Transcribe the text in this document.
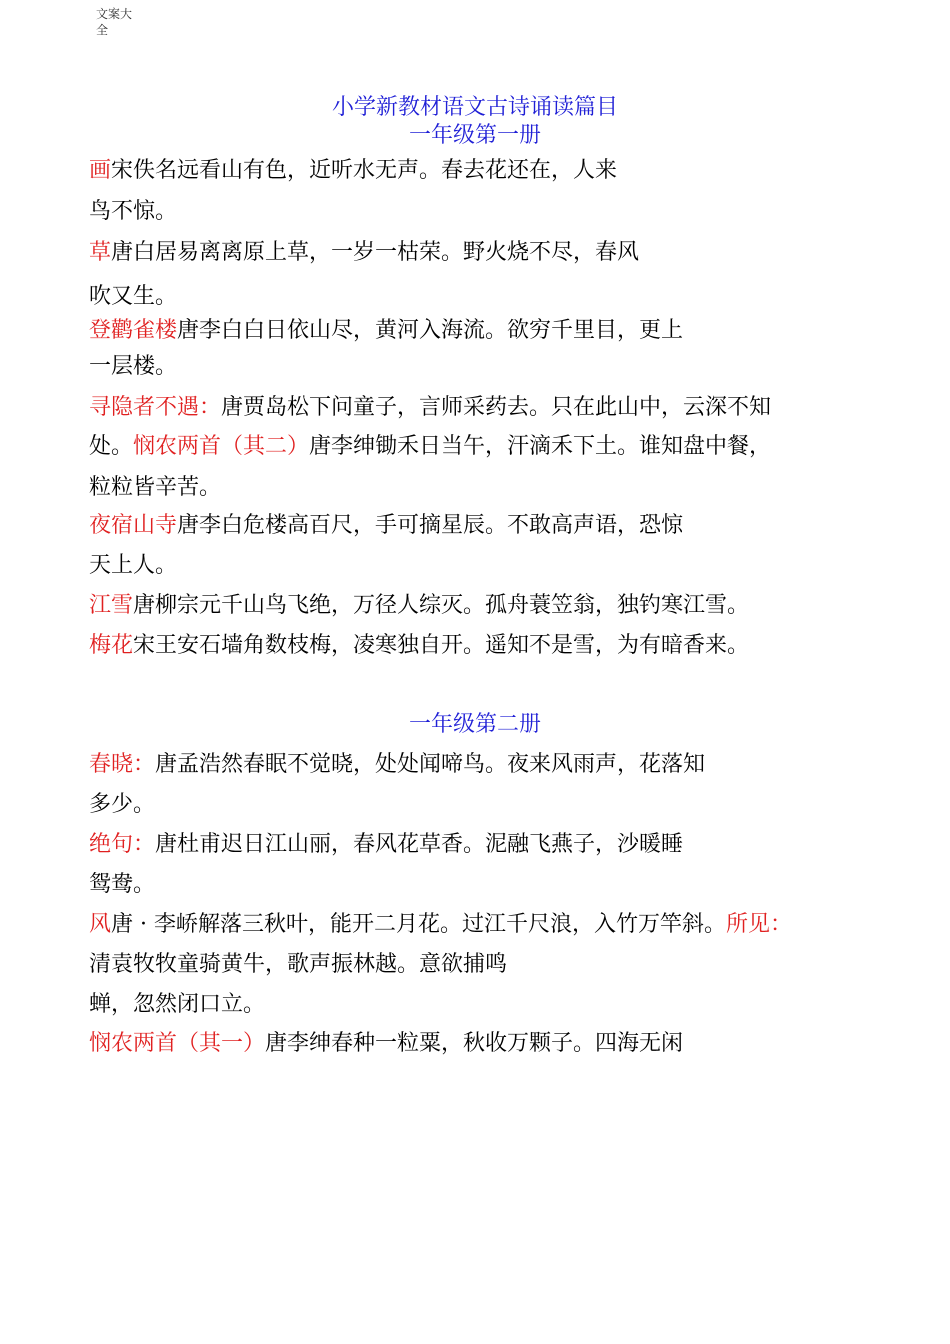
文案大全
小学新教材语文古诗诵读篇目
一年级第一册
画宋佚名远看山有色，近听水无声。春去花还在，人来
鸟不惊。
草唐白居易离离原上草，一岁一枯荣。野火烧不尽，春风
吹又生。
登鹳雀楼唐李白白日依山尽，黄河入海流。欲穷千里目，更上
一层楼。
寻隐者不遇：唐贾岛松下问童子，言师采药去。只在此山中，云深不知
处。悯农两首（其二）唐李绅锄禾日当午，汗滴禾下土。谁知盘中餐，
粒粒皆辛苦。
夜宿山寺唐李白危楼高百尺，手可摘星辰。不敢高声语，恐惊
天上人。
江雪唐柳宗元千山鸟飞绝，万径人综灭。孤舟蓑笠翁，独钓寒江雪。
梅花宋王安石墙角数枝梅，凌寒独自开。遥知不是雪，为有暗香来。
一年级第二册
春晓：唐孟浩然春眠不觉晓，处处闻啼鸟。夜来风雨声，花落知
多少。
绝句：唐杜甫迟日江山丽，春风花草香。泥融飞燕子，沙暖睡
鸳鸯。
风唐 · 李峤解落三秋叶，能开二月花。过江千尺浪，入竹万竿斜。所见：
清袁牧牧童骑黄牛，歌声振林越。意欲捕鸣
蝉，忽然闭口立。
悯农两首（其一）唐李绅春种一粒粟，秋收万颗子。四海无闲
